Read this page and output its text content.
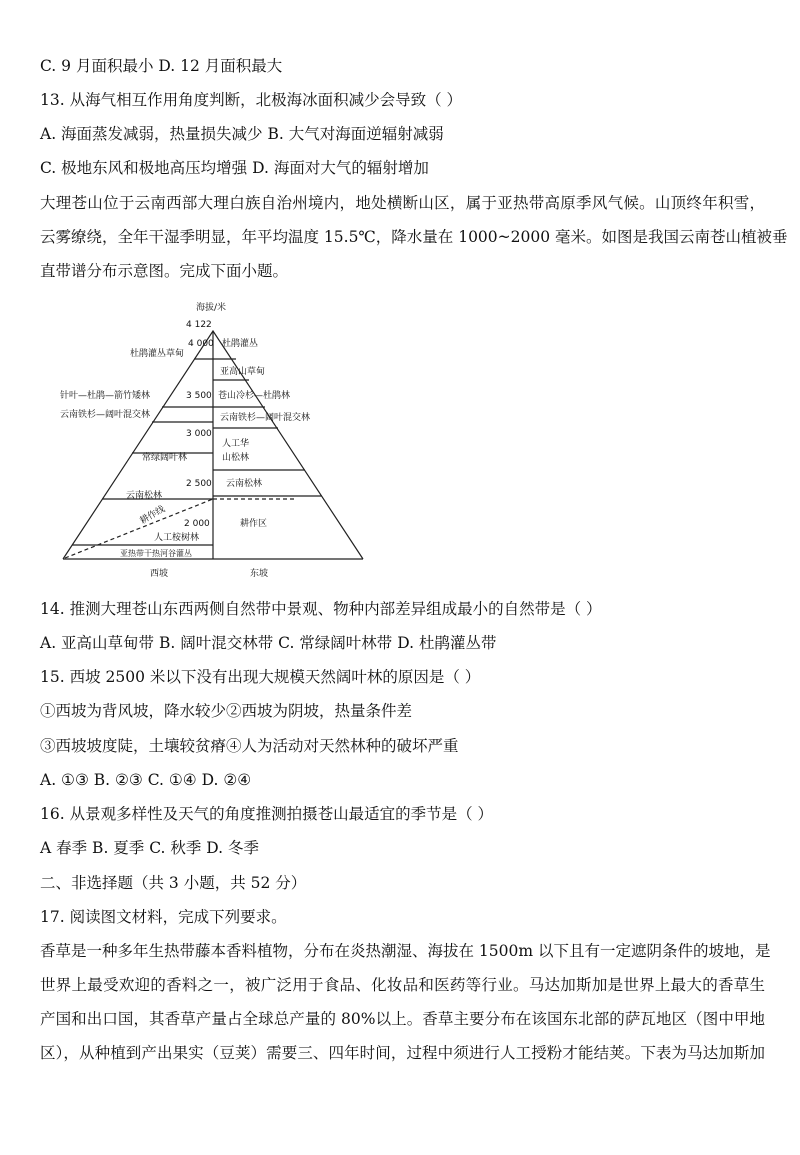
C. 9 月面积最小 D. 12 月面积最大
13. 从海气相互作用角度判断，北极海冰面积减少会导致（ ）
A. 海面蒸发减弱，热量损失减少 B. 大气对海面逆辐射减弱
C. 极地东风和极地高压均增强 D. 海面对大气的辐射增加
大理苍山位于云南西部大理白族自治州境内，地处横断山区，属于亚热带高原季风气候。山顶终年积雪，
云雾缭绕，全年干湿季明显，年平均温度 15.5℃，降水量在 1000~2000 毫米。如图是我国云南苍山植被垂
直带谱分布示意图。完成下面小题。
海拔/米
4 122
4 000
3 500
3 000
2 500
2 000
杜鹃灌丛草甸
针叶—杜鹃—箭竹矮林
云南铁杉—阔叶混交林
常绿阔叶林
云南松林
耕作线
人工桉树林
亚热带干热河谷灌丛
杜鹃灌丛
亚高山草甸
苍山冷杉—杜鹃林
云南铁杉—阔叶混交林
人工华
山松林
云南松林
耕作区
西坡	东坡
14. 推测大理苍山东西两侧自然带中景观、物种内部差异组成最小的自然带是（ ）
A. 亚高山草甸带 B. 阔叶混交林带 C. 常绿阔叶林带 D. 杜鹃灌丛带
15. 西坡 2500 米以下没有出现大规模天然阔叶林的原因是（ ）
①西坡为背风坡，降水较少②西坡为阴坡，热量条件差
③西坡坡度陡，土壤较贫瘠④人为活动对天然林种的破坏严重
A. ①③ B. ②③ C. ①④ D. ②④
16. 从景观多样性及天气的角度推测拍摄苍山最适宜的季节是（ ）
A 春季 B. 夏季 C. 秋季 D. 冬季
二、非选择题（共 3 小题，共 52 分）
17. 阅读图文材料，完成下列要求。
香草是一种多年生热带藤本香料植物，分布在炎热潮湿、海拔在 1500m 以下且有一定遮阴条件的坡地，是
世界上最受欢迎的香料之一，被广泛用于食品、化妆品和医药等行业。马达加斯加是世界上最大的香草生
产国和出口国，其香草产量占全球总产量的 80%以上。香草主要分布在该国东北部的萨瓦地区（图中甲地
区），从种植到产出果实（豆荚）需要三、四年时间，过程中须进行人工授粉才能结荚。下表为马达加斯加
